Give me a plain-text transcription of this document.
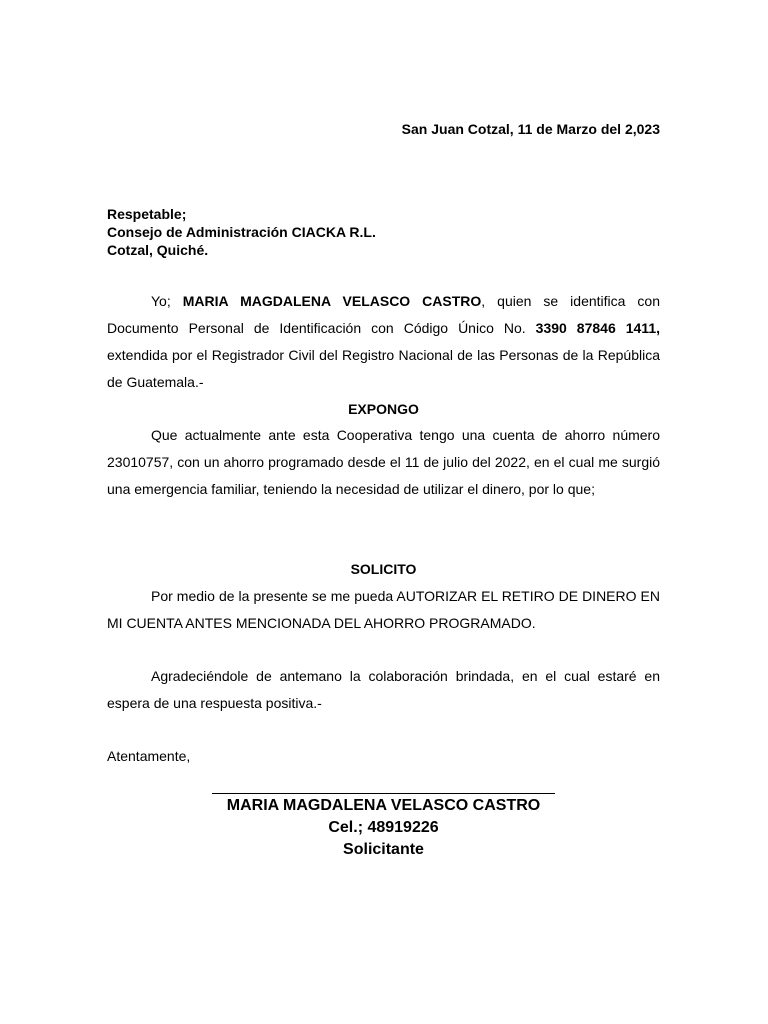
San Juan Cotzal, 11 de Marzo del 2,023
Respetable;
Consejo de Administración CIACKA R.L.
Cotzal, Quiché.
Yo; MARIA MAGDALENA VELASCO CASTRO, quien se identifica con Documento Personal de Identificación con Código Único No. 3390 87846 1411, extendida por el Registrador Civil del Registro Nacional de las Personas de la República de Guatemala.-
EXPONGO
Que actualmente ante esta Cooperativa tengo una cuenta de ahorro número 23010757, con un ahorro programado desde el 11 de julio del 2022, en el cual me surgió una emergencia familiar, teniendo la necesidad de utilizar el dinero, por lo que;
SOLICITO
Por medio de la presente se me pueda AUTORIZAR EL RETIRO DE DINERO EN MI CUENTA ANTES MENCIONADA DEL AHORRO PROGRAMADO.
Agradeciéndole de antemano la colaboración brindada, en el cual estaré en espera de una respuesta positiva.-
Atentamente,
MARIA MAGDALENA VELASCO CASTRO
Cel.; 48919226
Solicitante
